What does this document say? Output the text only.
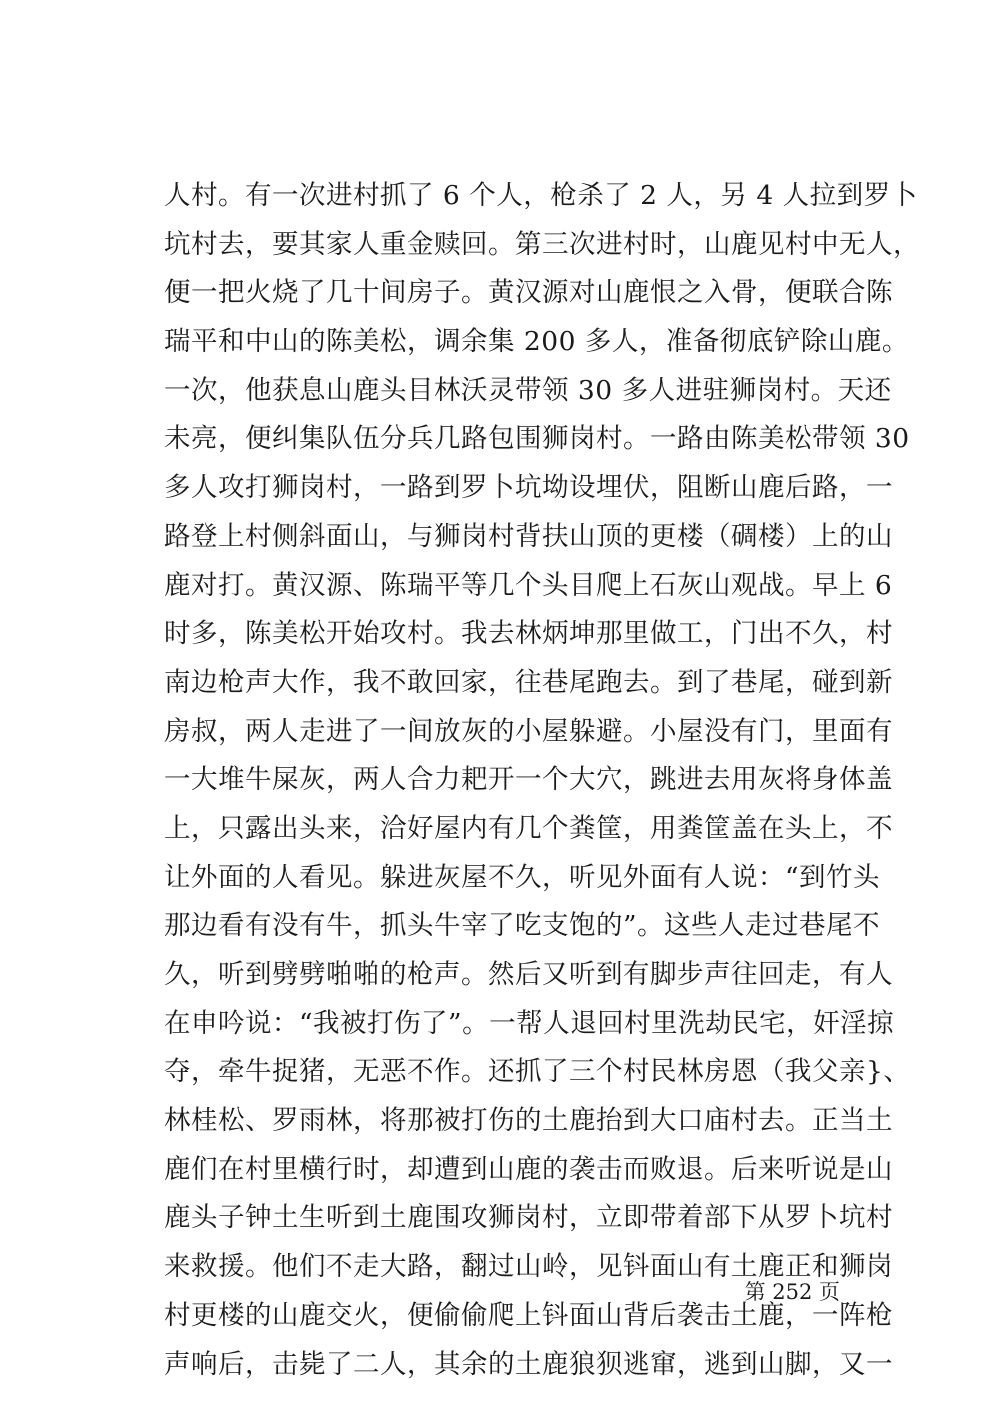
人村。有一次进村抓了 6 个人，枪杀了 2 人，另 4 人拉到罗卜
坑村去，要其家人重金赎回。第三次进村时，山鹿见村中无人，
便一把火烧了几十间房子。黄汉源对山鹿恨之入骨，便联合陈
瑞平和中山的陈美松，调余集 200 多人，准备彻底铲除山鹿。
一次，他获息山鹿头目林沃灵带领 30 多人进驻狮岗村。天还
未亮，便纠集队伍分兵几路包围狮岗村。一路由陈美松带领 30
多人攻打狮岗村，一路到罗卜坑坳设埋伏，阻断山鹿后路，一
路登上村侧斜面山，与狮岗村背扶山顶的更楼（碉楼）上的山
鹿对打。黄汉源、陈瑞平等几个头目爬上石灰山观战。早上 6
时多，陈美松开始攻村。我去林炳坤那里做工，门出不久，村
南边枪声大作，我不敢回家，往巷尾跑去。到了巷尾，碰到新
房叔，两人走进了一间放灰的小屋躲避。小屋没有门，里面有
一大堆牛屎灰，两人合力耙开一个大穴，跳进去用灰将身体盖
上，只露出头来，洽好屋内有几个粪筐，用粪筐盖在头上，不
让外面的人看见。躲进灰屋不久，听见外面有人说：“到竹头
那边看有没有牛，抓头牛宰了吃支饱的”。这些人走过巷尾不
久，听到劈劈啪啪的枪声。然后又听到有脚步声往回走，有人
在申吟说：“我被打伤了”。一帮人退回村里洗劫民宅，奸淫掠
夺，牵牛捉猪，无恶不作。还抓了三个村民林房恩（我父亲}、
林桂松、罗雨林，将那被打伤的土鹿抬到大口庙村去。正当土
鹿们在村里横行时，却遭到山鹿的袭击而败退。后来听说是山
鹿头子钟土生听到土鹿围攻狮岗村，立即带着部下从罗卜坑村
来救援。他们不走大路，翻过山岭，见钭面山有土鹿正和狮岗
村更楼的山鹿交火，便偷偷爬上钭面山背后袭击土鹿，一阵枪
声响后，击毙了二人，其余的土鹿狼狈逃窜，逃到山脚，又一
第 252 页
